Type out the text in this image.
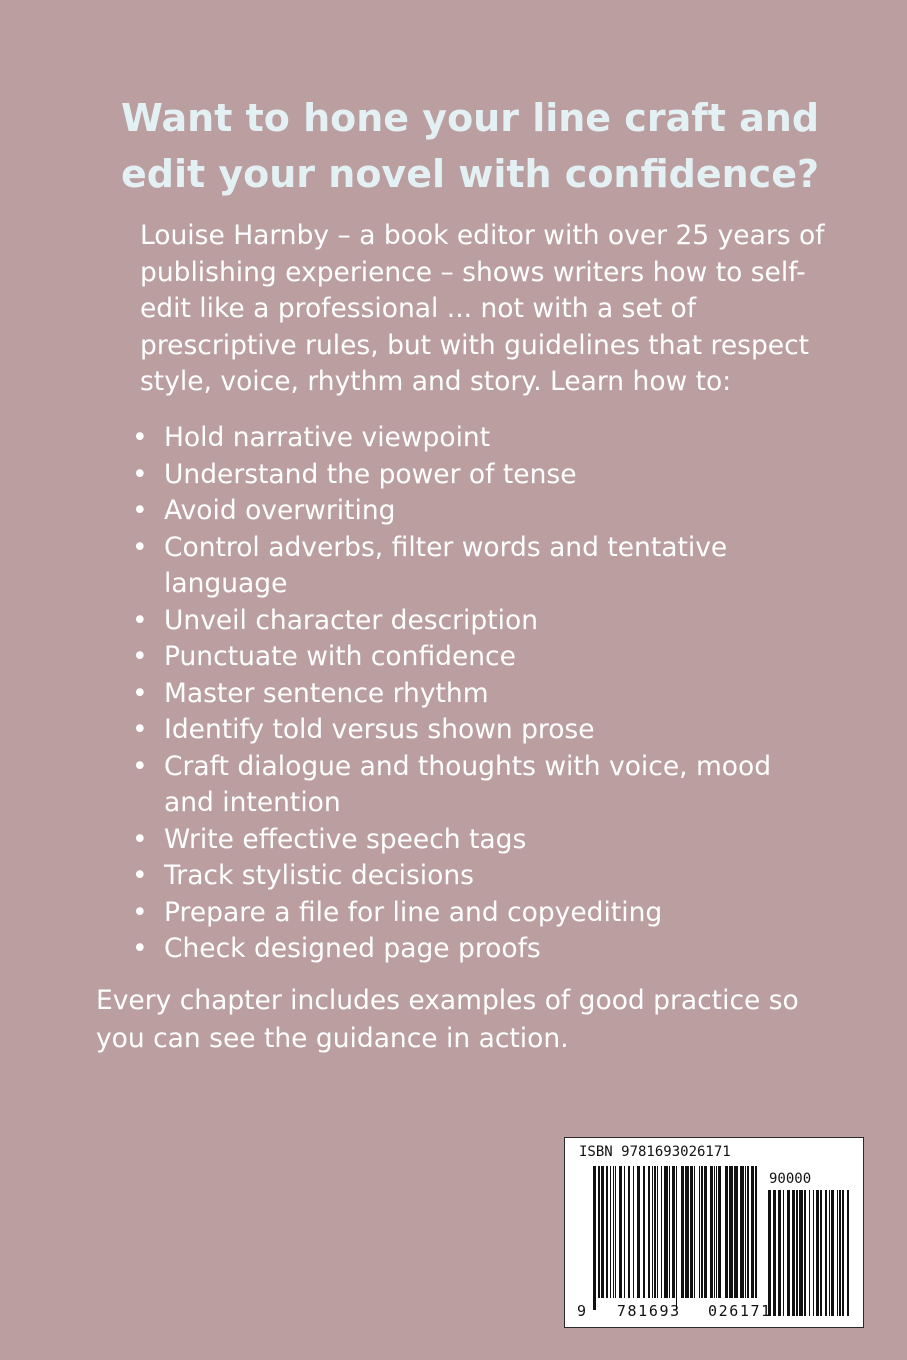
Want to hone your line craft and
edit your novel with confidence?

Louise Harnby – a book editor with over 25 years of
publishing experience – shows writers how to self-
edit like a professional ... not with a set of
prescriptive rules, but with guidelines that respect
style, voice, rhythm and story. Learn how to:

• Hold narrative viewpoint
• Understand the power of tense
• Avoid overwriting
• Control adverbs, filter words and tentative
language
• Unveil character description
• Punctuate with confidence
• Master sentence rhythm
• Identify told versus shown prose
• Craft dialogue and thoughts with voice, mood
and intention
• Write effective speech tags
• Track stylistic decisions
• Prepare a file for line and copyediting
• Check designed page proofs

Every chapter includes examples of good practice so
you can see the guidance in action.

ISBN 9781693026171
90000
9 781693 026171
